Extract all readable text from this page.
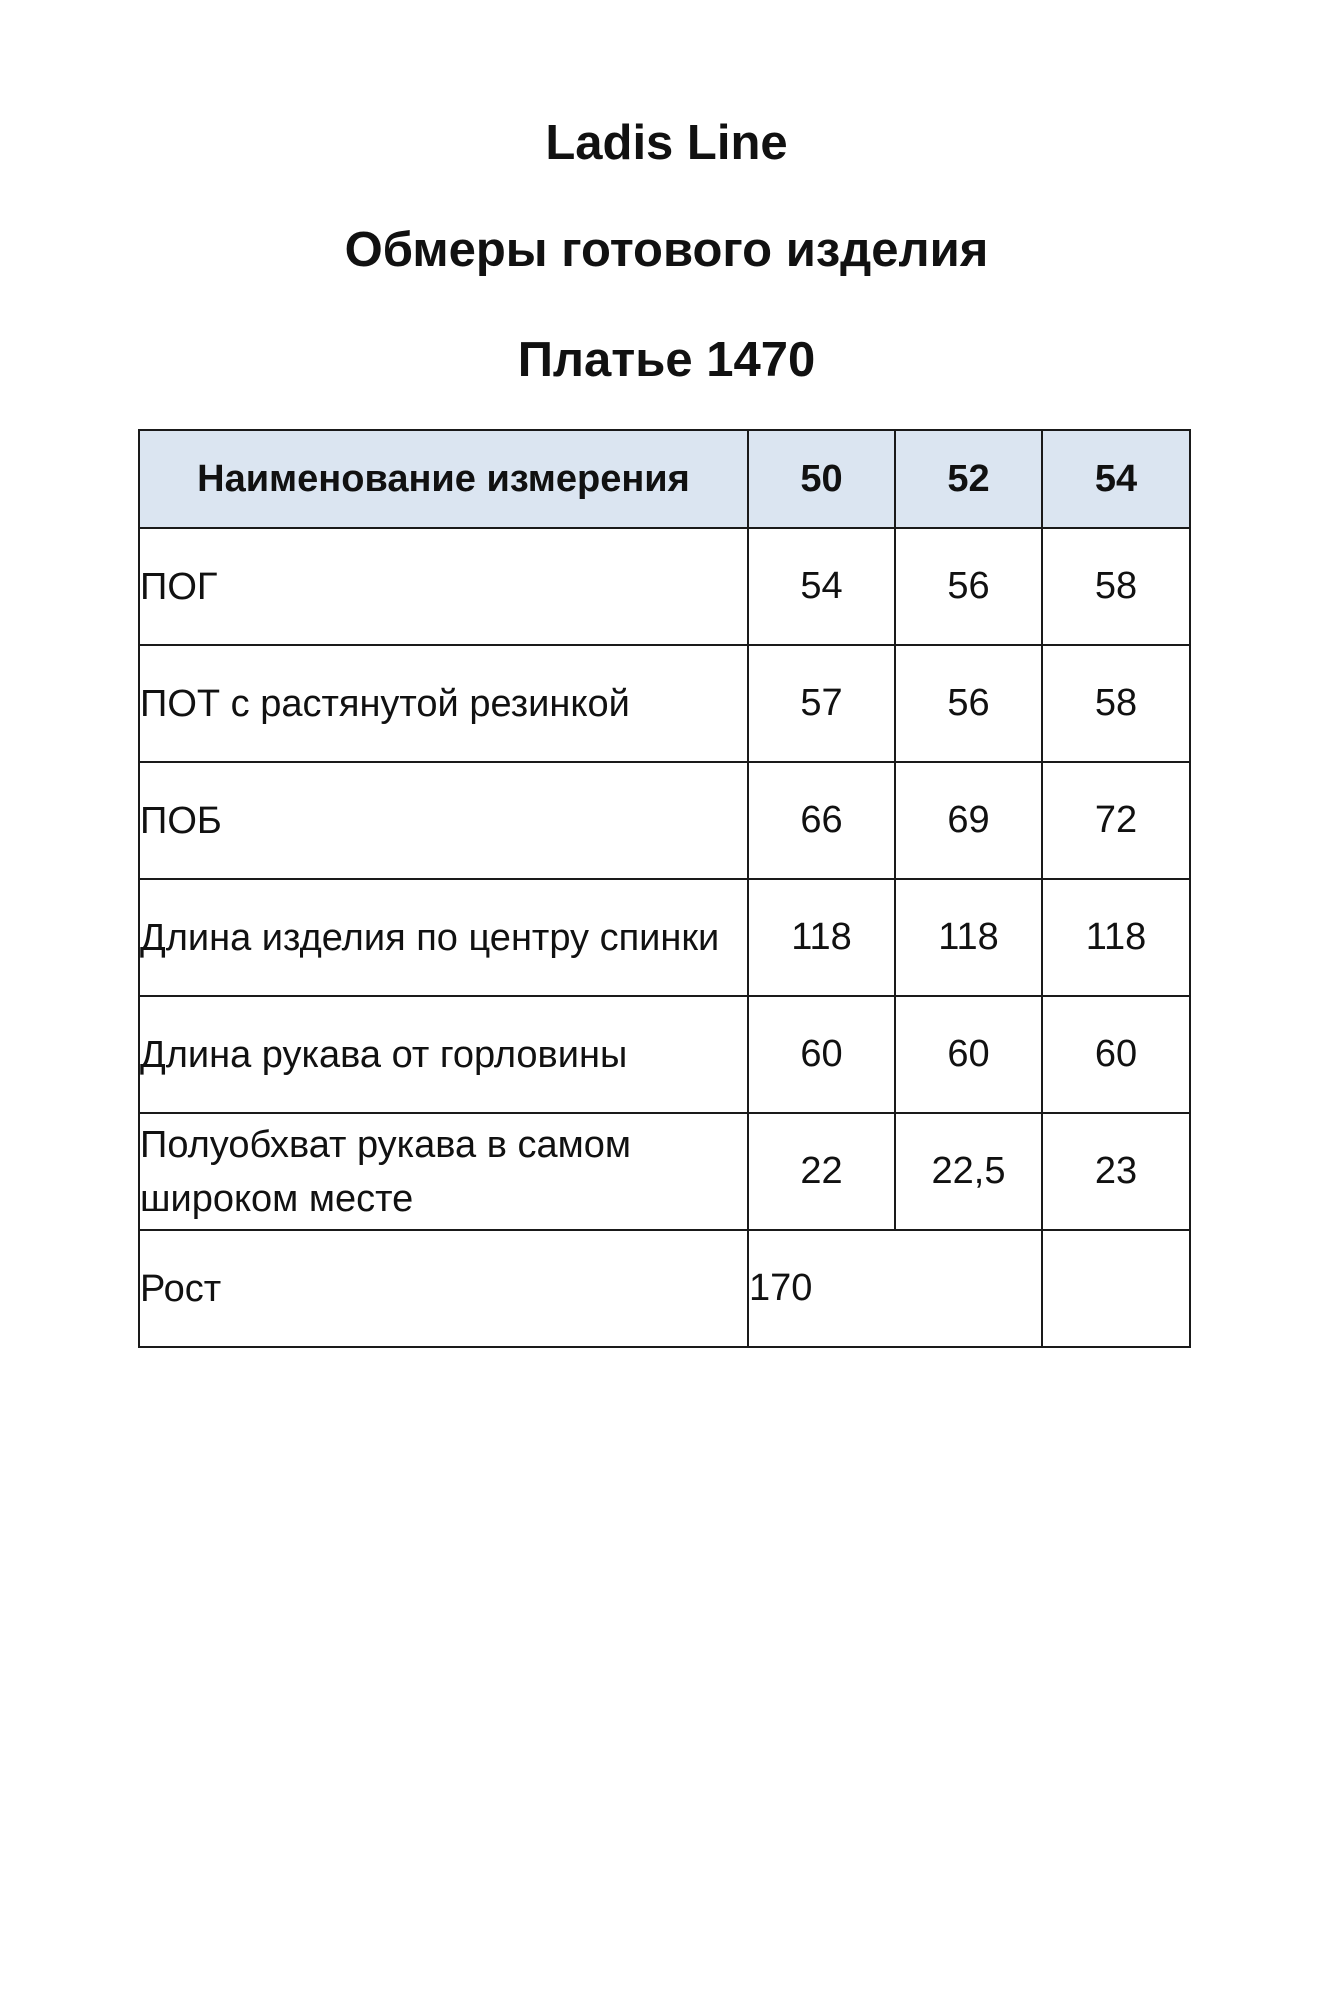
Ladis Line
Обмеры готового изделия
Платье 1470
Наименование измерения	50	52	54
ПОГ	54	56	58
ПОТ с растянутой резинкой	57	56	58
ПОБ	66	69	72
Длина изделия по центру спинки	118	118	118
Длина рукава от горловины	60	60	60
Полуобхват рукава в самом широком месте	22	22,5	23
Рост	170		
